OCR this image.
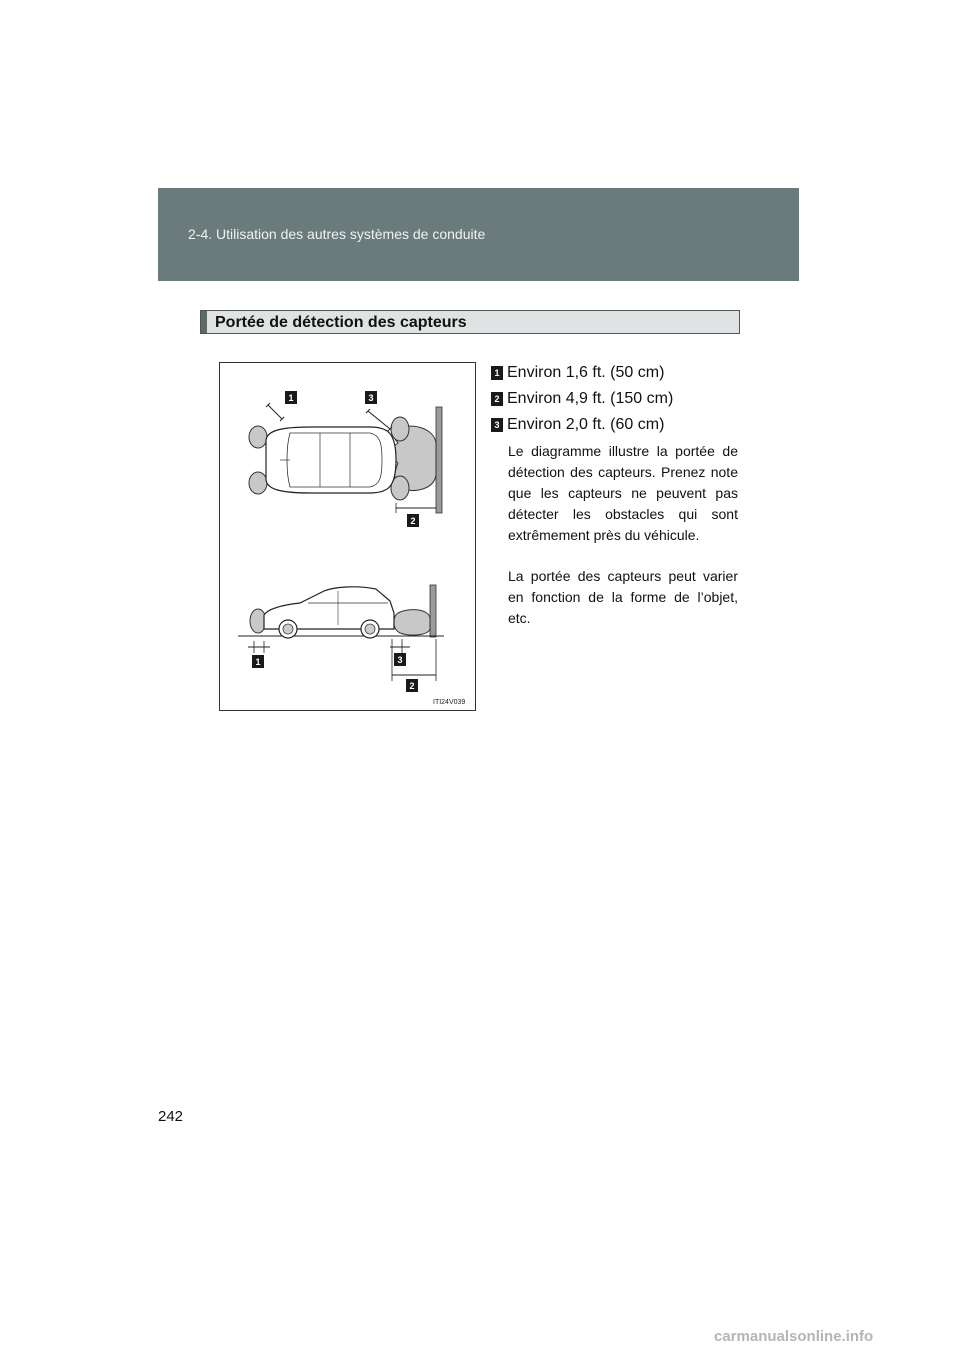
2-4. Utilisation des autres systèmes de conduite
Portée de détection des capteurs
1	3
2
1	3
2
ITI24V039
1 Environ 1,6 ft. (50 cm)
2 Environ 4,9 ft. (150 cm)
3 Environ 2,0 ft. (60 cm)
Le diagramme illustre la portée de détection des capteurs. Prenez note que les capteurs ne peuvent pas détecter les obstacles qui sont extrêmement près du véhicule.
La portée des capteurs peut varier en fonction de la forme de l’objet, etc.
242
carmanualsonline.info
